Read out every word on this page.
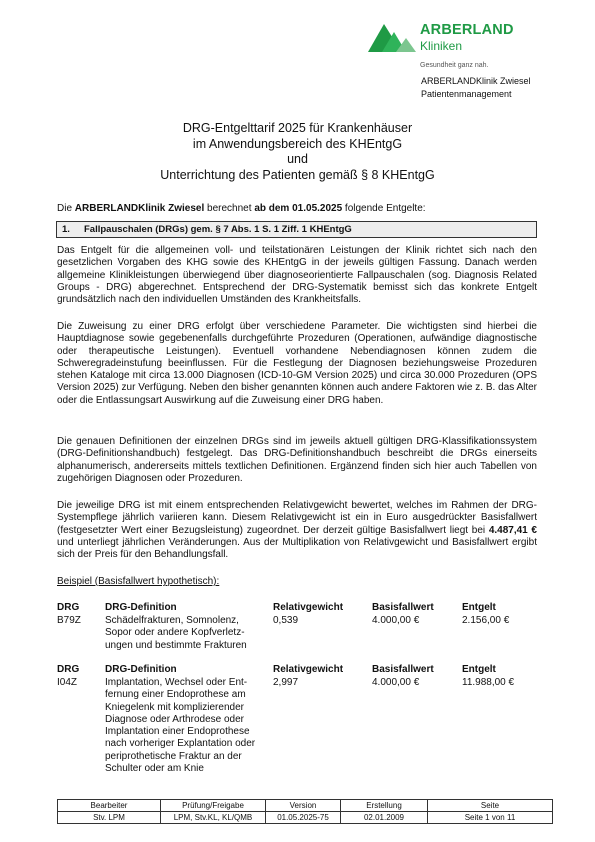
ARBERLAND
Kliniken
Gesundheit ganz nah.
ARBERLANDKlinik Zwiesel
Patientenmanagement
DRG-Entgelttarif 2025 für Krankenhäuser
im Anwendungsbereich des KHEntgG
und
Unterrichtung des Patienten gemäß § 8 KHEntgG
Die ARBERLANDKlinik Zwiesel berechnet ab dem 01.05.2025 folgende Entgelte:
1. Fallpauschalen (DRGs) gem. § 7 Abs. 1 S. 1 Ziff. 1 KHEntgG

Das Entgelt für die allgemeinen voll- und teilstationären Leistungen der Klinik richtet sich nach den gesetzlichen Vorgaben des KHG sowie des KHEntgG in der jeweils gültigen Fassung. Danach werden allgemeine Klinikleistungen überwiegend über diagnoseorientierte Fallpauschalen (sog. Diagnosis Related Groups - DRG) abgerechnet. Entsprechend der DRG-Systematik bemisst sich das konkrete Entgelt grundsätzlich nach den individuellen Umständen des Krankheitsfalls.

Die Zuweisung zu einer DRG erfolgt über verschiedene Parameter. Die wichtigsten sind hierbei die Hauptdiagnose sowie gegebenenfalls durchgeführte Prozeduren (Operationen, aufwändige diagnostische oder therapeutische Leistungen). Eventuell vorhandene Nebendiagnosen können zudem die Schweregradeinstufung beeinflussen. Für die Festlegung der Diagnosen beziehungsweise Prozeduren stehen Kataloge mit circa 13.000 Diagnosen (ICD-10-GM Version 2025) und circa 30.000 Prozeduren (OPS Version 2025) zur Verfügung. Neben den bisher genannten können auch andere Faktoren wie z. B. das Alter oder die Entlassungsart Auswirkung auf die Zuweisung einer DRG haben.

Die genauen Definitionen der einzelnen DRGs sind im jeweils aktuell gültigen DRG-Klassifikationssystem (DRG-Definitionshandbuch) festgelegt. Das DRG-Definitionshandbuch beschreibt die DRGs einerseits alphanumerisch, andererseits mittels textlichen Definitionen. Ergänzend finden sich hier auch Tabellen von zugehörigen Diagnosen oder Prozeduren.

Die jeweilige DRG ist mit einem entsprechenden Relativgewicht bewertet, welches im Rahmen der DRG-Systempflege jährlich variieren kann. Diesem Relativgewicht ist ein in Euro ausgedrückter Basisfallwert (festgesetzter Wert einer Bezugsleistung) zugeordnet. Der derzeit gültige Basisfallwert liegt bei 4.487,41 € und unterliegt jährlichen Veränderungen. Aus der Multiplikation von Relativgewicht und Basisfallwert ergibt sich der Preis für den Behandlungsfall.

Beispiel (Basisfallwert hypothetisch):
DRG	DRG-Definition	Relativgewicht	Basisfallwert	Entgelt
B79Z Schädelfrakturen, Somnolenz,
Sopor oder andere Kopfverletz-
ungen und bestimmte Frakturen
0,539	4.000,00 €	2.156,00 €
DRG	DRG-Definition	Relativgewicht	Basisfallwert	Entgelt
I04Z	Implantation, Wechsel oder Ent-
fernung einer Endoprothese am
Kniegelenk mit komplizierender
Diagnose oder Arthrodese oder
Implantation einer Endoprothese
nach vorheriger Explantation oder
periprothetische Fraktur an der
Schulter oder am Knie
2,997	4.000,00 €	11.988,00 €
Bearbeiter	Prüfung/Freigabe	Version	Erstellung	Seite
Stv. LPM	LPM, Stv.KL, KL/QMB	01.05.2025-75	02.01.2009	Seite 1 von 11
